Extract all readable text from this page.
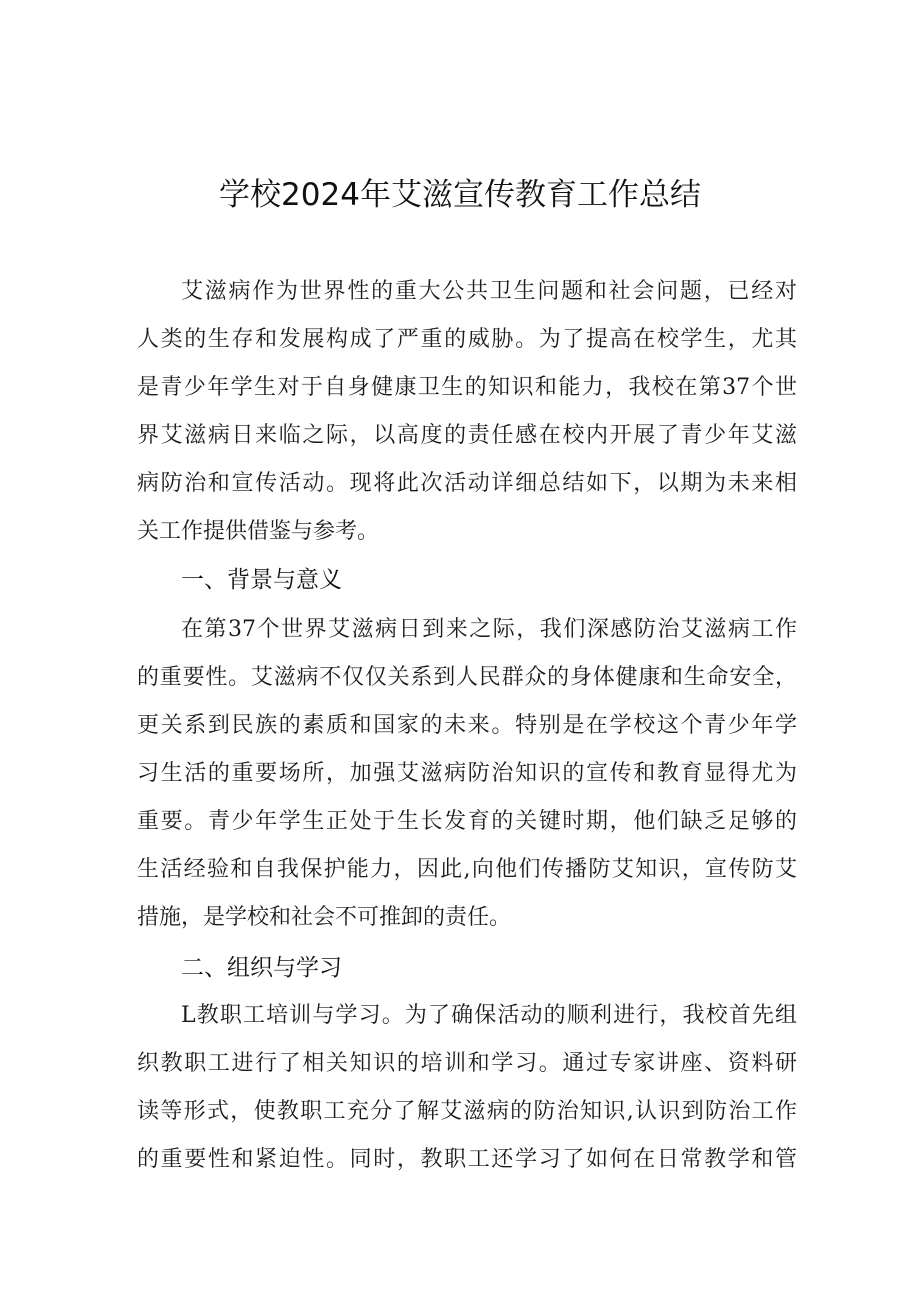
学校2024年艾滋宣传教育工作总结
艾滋病作为世界性的重大公共卫生问题和社会问题，已经对
人类的生存和发展构成了严重的威胁。为了提高在校学生，尤其
是青少年学生对于自身健康卫生的知识和能力，我校在第37个世
界艾滋病日来临之际，以高度的责任感在校内开展了青少年艾滋
病防治和宣传活动。现将此次活动详细总结如下，以期为未来相
关工作提供借鉴与参考。
一、背景与意义
在第37个世界艾滋病日到来之际，我们深感防治艾滋病工作
的重要性。艾滋病不仅仅关系到人民群众的身体健康和生命安全，
更关系到民族的素质和国家的未来。特别是在学校这个青少年学
习生活的重要场所，加强艾滋病防治知识的宣传和教育显得尤为
重要。青少年学生正处于生长发育的关键时期，他们缺乏足够的
生活经验和自我保护能力，因此,向他们传播防艾知识，宣传防艾
措施，是学校和社会不可推卸的责任。
二、组织与学习
L教职工培训与学习。为了确保活动的顺利进行，我校首先组
织教职工进行了相关知识的培训和学习。通过专家讲座、资料研
读等形式，使教职工充分了解艾滋病的防治知识,认识到防治工作
的重要性和紧迫性。同时，教职工还学习了如何在日常教学和管
